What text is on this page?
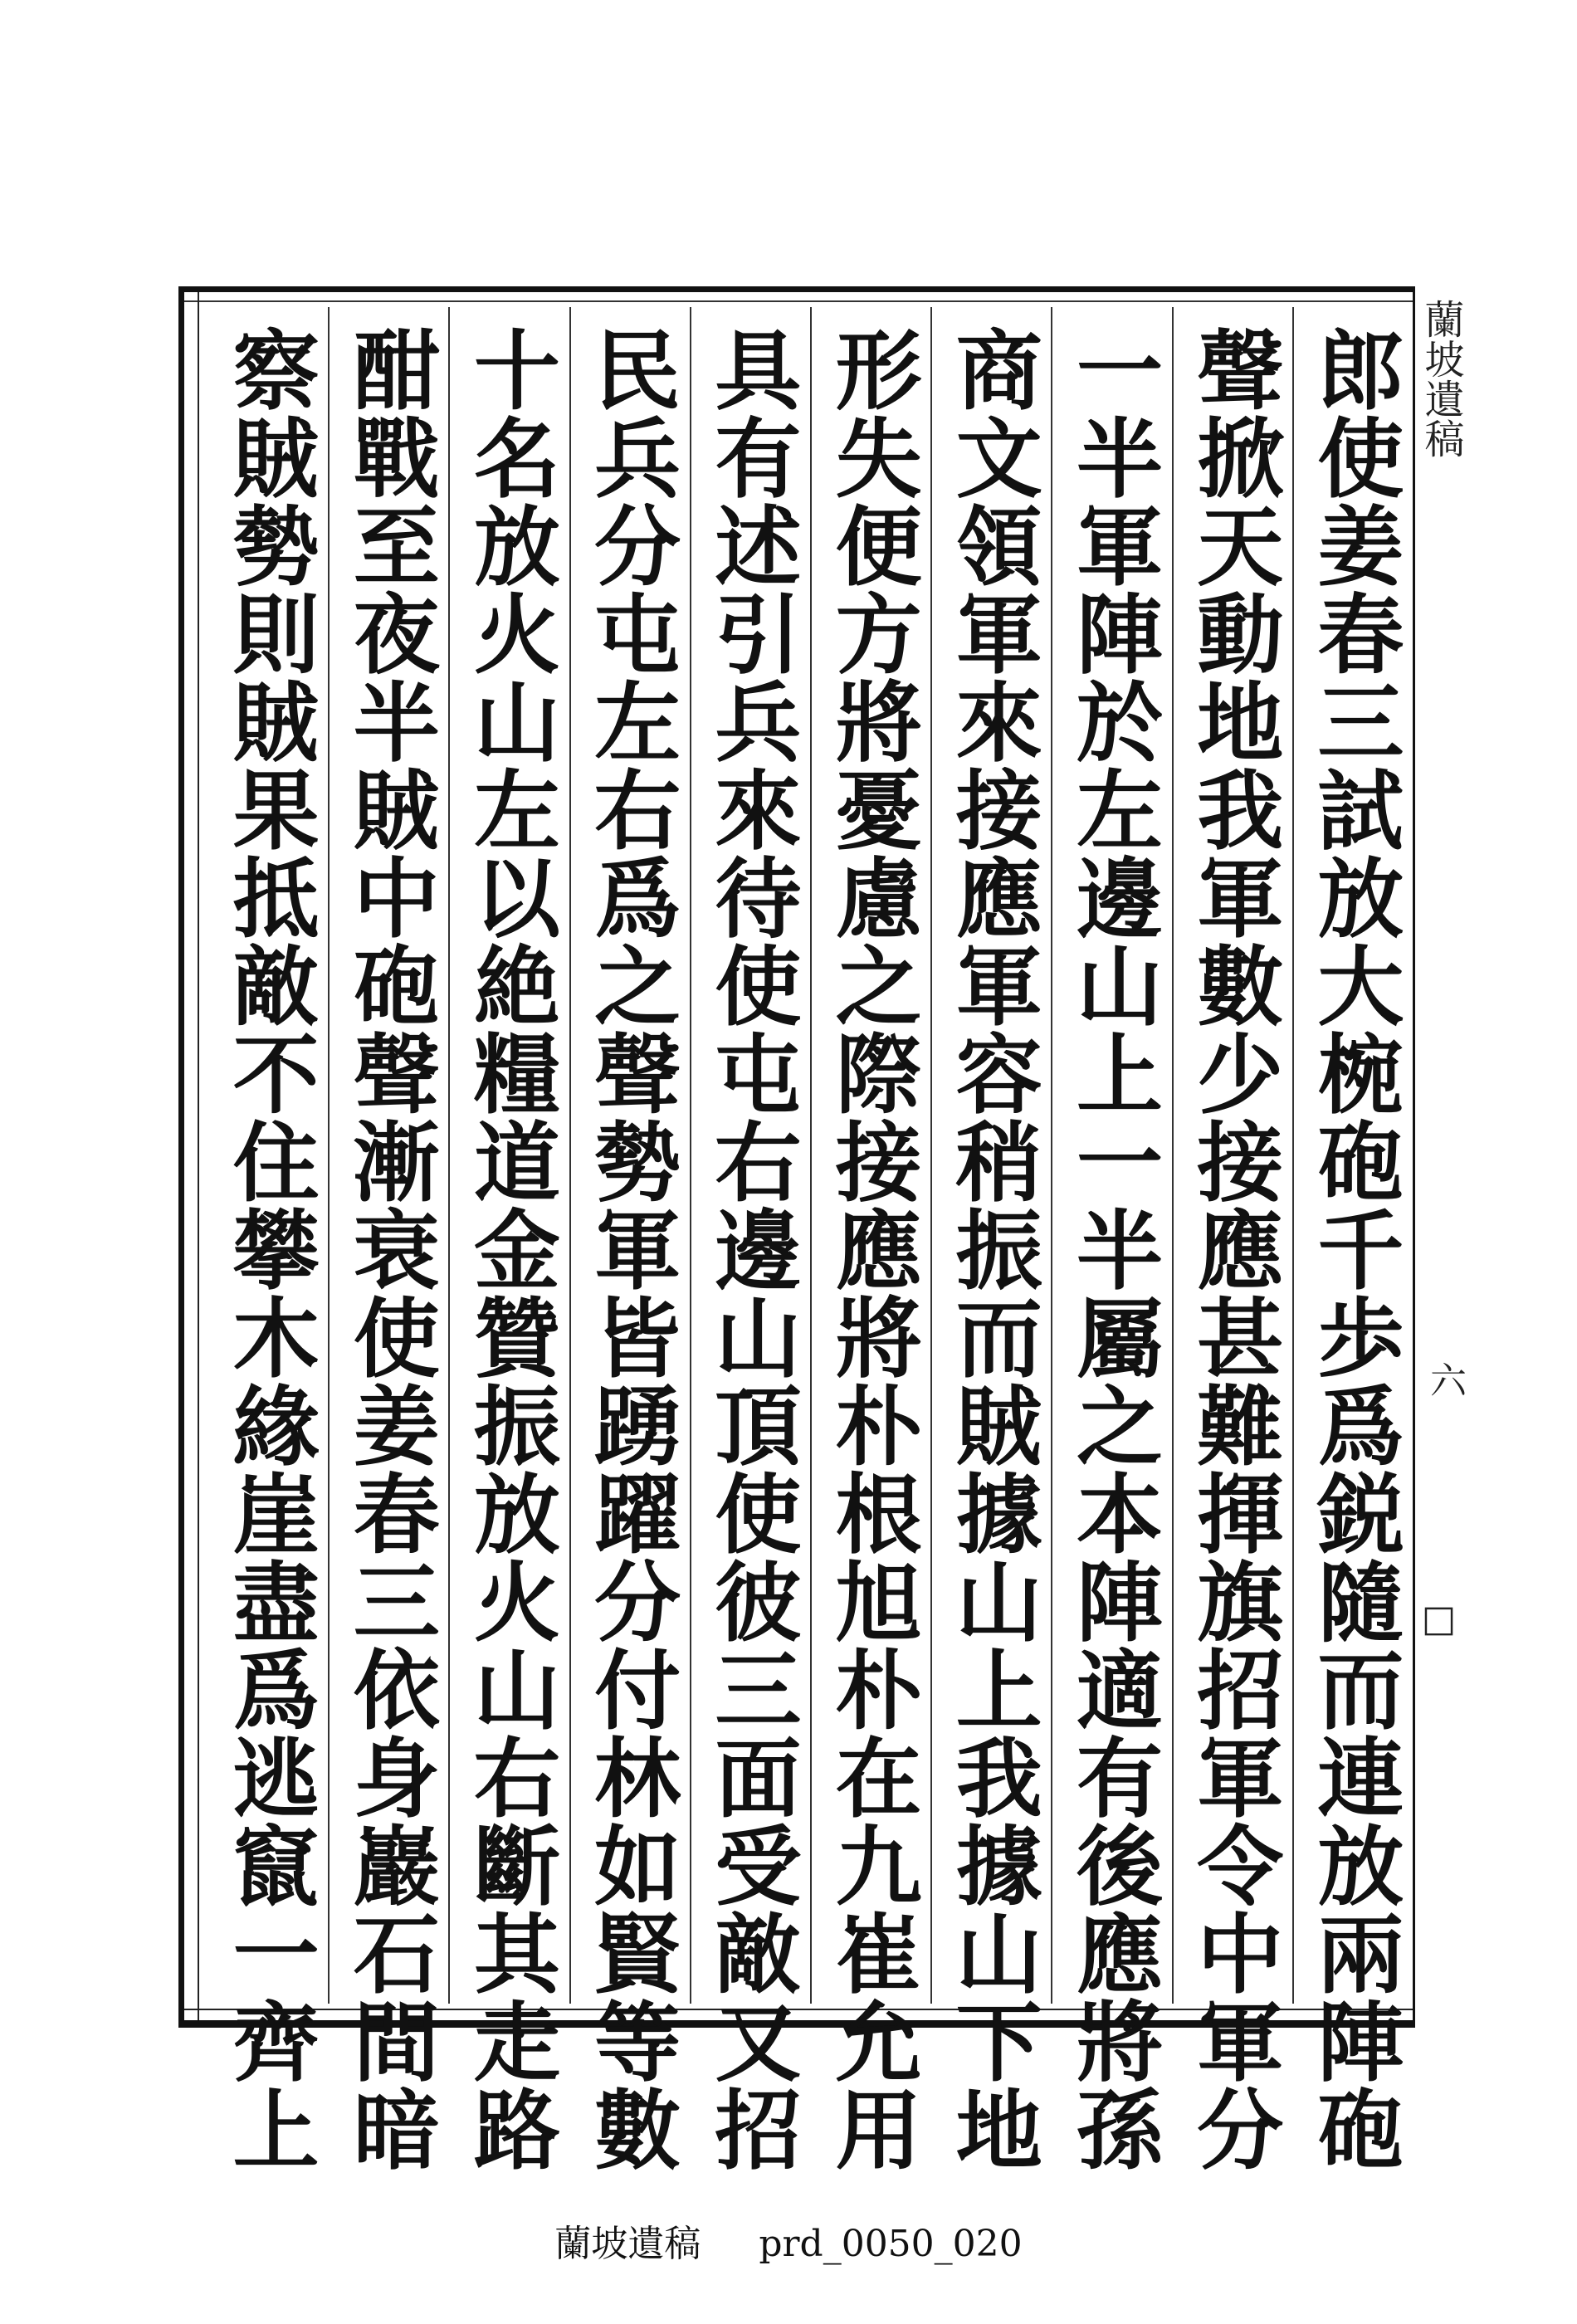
郎使姜春三試放大椀砲千歩爲鋭隨而連放兩陣砲
聲掀天動地我軍數少接應甚難揮旗招軍令中軍分
一半軍陣於左邊山上一半屬之本陣適有後應將孫
商文領軍來接應軍容稍振而賊據山上我據山下地
形失便方將憂慮之際接應將朴根旭朴在九崔允用
具有述引兵來待使屯右邊山頂使彼三面受敵又招
民兵分屯左右爲之聲勢軍皆踴躍分付林如賢等數
十名放火山左以絶糧道金贊振放火山右斷其走路
酣戰至夜半賊中砲聲漸衰使姜春三依身巖石間暗
察賊勢則賊果抵敵不住攀木緣崖盡爲逃竄一齊上	蘭坡遺稿
六
□
蘭坡遺稿 prd_0050_020
